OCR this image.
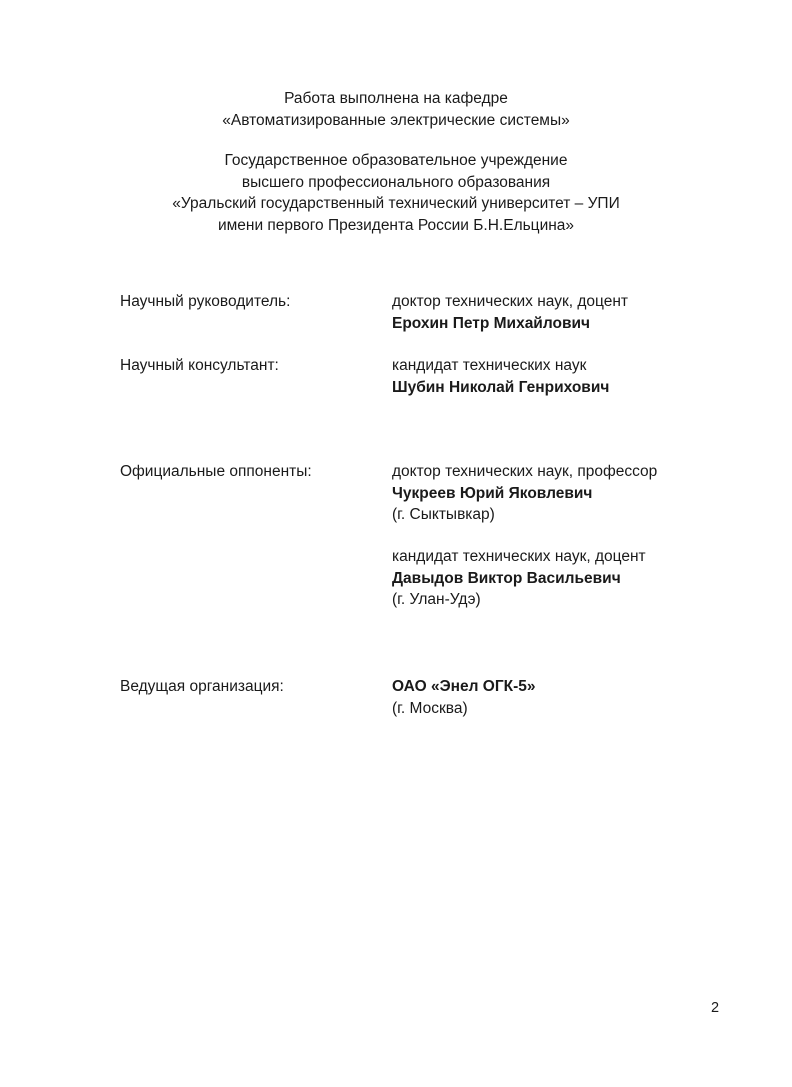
Работа выполнена на кафедре
«Автоматизированные электрические системы»
Государственное образовательное учреждение
высшего профессионального образования
«Уральский государственный технический университет – УПИ
имени первого Президента России Б.Н.Ельцина»
Научный руководитель:	доктор технических наук, доцент
Ерохин Петр Михайлович
Научный консультант:	кандидат технических наук
Шубин Николай Генрихович
Официальные оппоненты:	доктор технических наук, профессор
Чукреев Юрий Яковлевич
(г. Сыктывкар)
кандидат технических наук, доцент
Давыдов Виктор Васильевич
(г. Улан-Удэ)
Ведущая организация:	ОАО «Энел ОГК-5»
(г. Москва)
2
